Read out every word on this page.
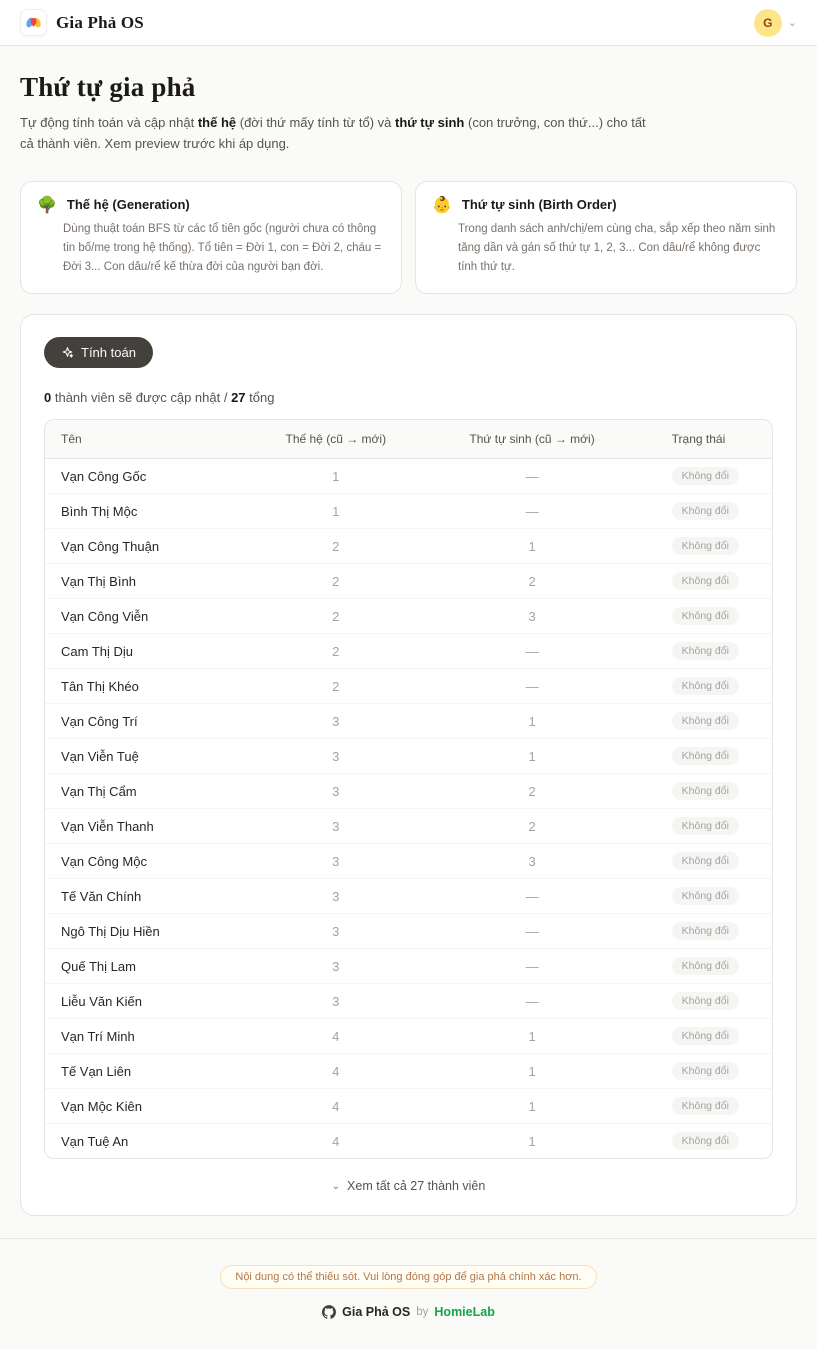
Gia Phả OS	G	⌄
Thứ tự gia phả

Tự động tính toán và cập nhật thế hệ (đời thứ mấy tính từ tổ) và thứ tự sinh (con trưởng, con thứ...) cho tất cả thành viên. Xem preview trước khi áp dụng.

🌳 Thế hệ (Generation)

Dùng thuật toán BFS từ các tổ tiên gốc (người chưa có thông tin bố/mẹ trong hệ thống). Tổ tiên = Đời 1, con = Đời 2, cháu = Đời 3... Con dâu/rể kế thừa đời của người bạn đời.

👶 Thứ tự sinh (Birth Order)

Trong danh sách anh/chị/em cùng cha, sắp xếp theo năm sinh tăng dần và gán số thứ tự 1, 2, 3... Con dâu/rể không được tính thứ tự.

Tính toán

0 thành viên sẽ được cập nhật / 27 tổng

Tên	Thế hệ (cũ → mới)	Thứ tự sinh (cũ → mới)	Trạng thái
Vạn Công Gốc	1	—	Không đổi
Bình Thị Mộc	1	—	Không đổi
Vạn Công Thuận	2	1	Không đổi
Vạn Thị Bình	2	2	Không đổi
Vạn Công Viễn	2	3	Không đổi
Cam Thị Dịu	2	—	Không đổi
Tân Thị Khéo	2	—	Không đổi
Vạn Công Trí	3	1	Không đổi
Vạn Viễn Tuệ	3	1	Không đổi
Vạn Thị Cẩm	3	2	Không đổi
Vạn Viễn Thanh	3	2	Không đổi
Vạn Công Mộc	3	3	Không đổi
Tế Văn Chính	3	—	Không đổi
Ngô Thị Dịu Hiền	3	—	Không đổi
Quế Thị Lam	3	—	Không đổi
Liễu Văn Kiến	3	—	Không đổi
Vạn Trí Minh	4	1	Không đổi
Tế Vạn Liên	4	1	Không đổi
Vạn Mộc Kiên	4	1	Không đổi
Vạn Tuệ An	4	1	Không đổi
⌄ Xem tất cả 27 thành viên
Nội dung có thể thiếu sót. Vui lòng đóng góp để gia phả chính xác hơn.
Gia Phả OS by HomieLab
